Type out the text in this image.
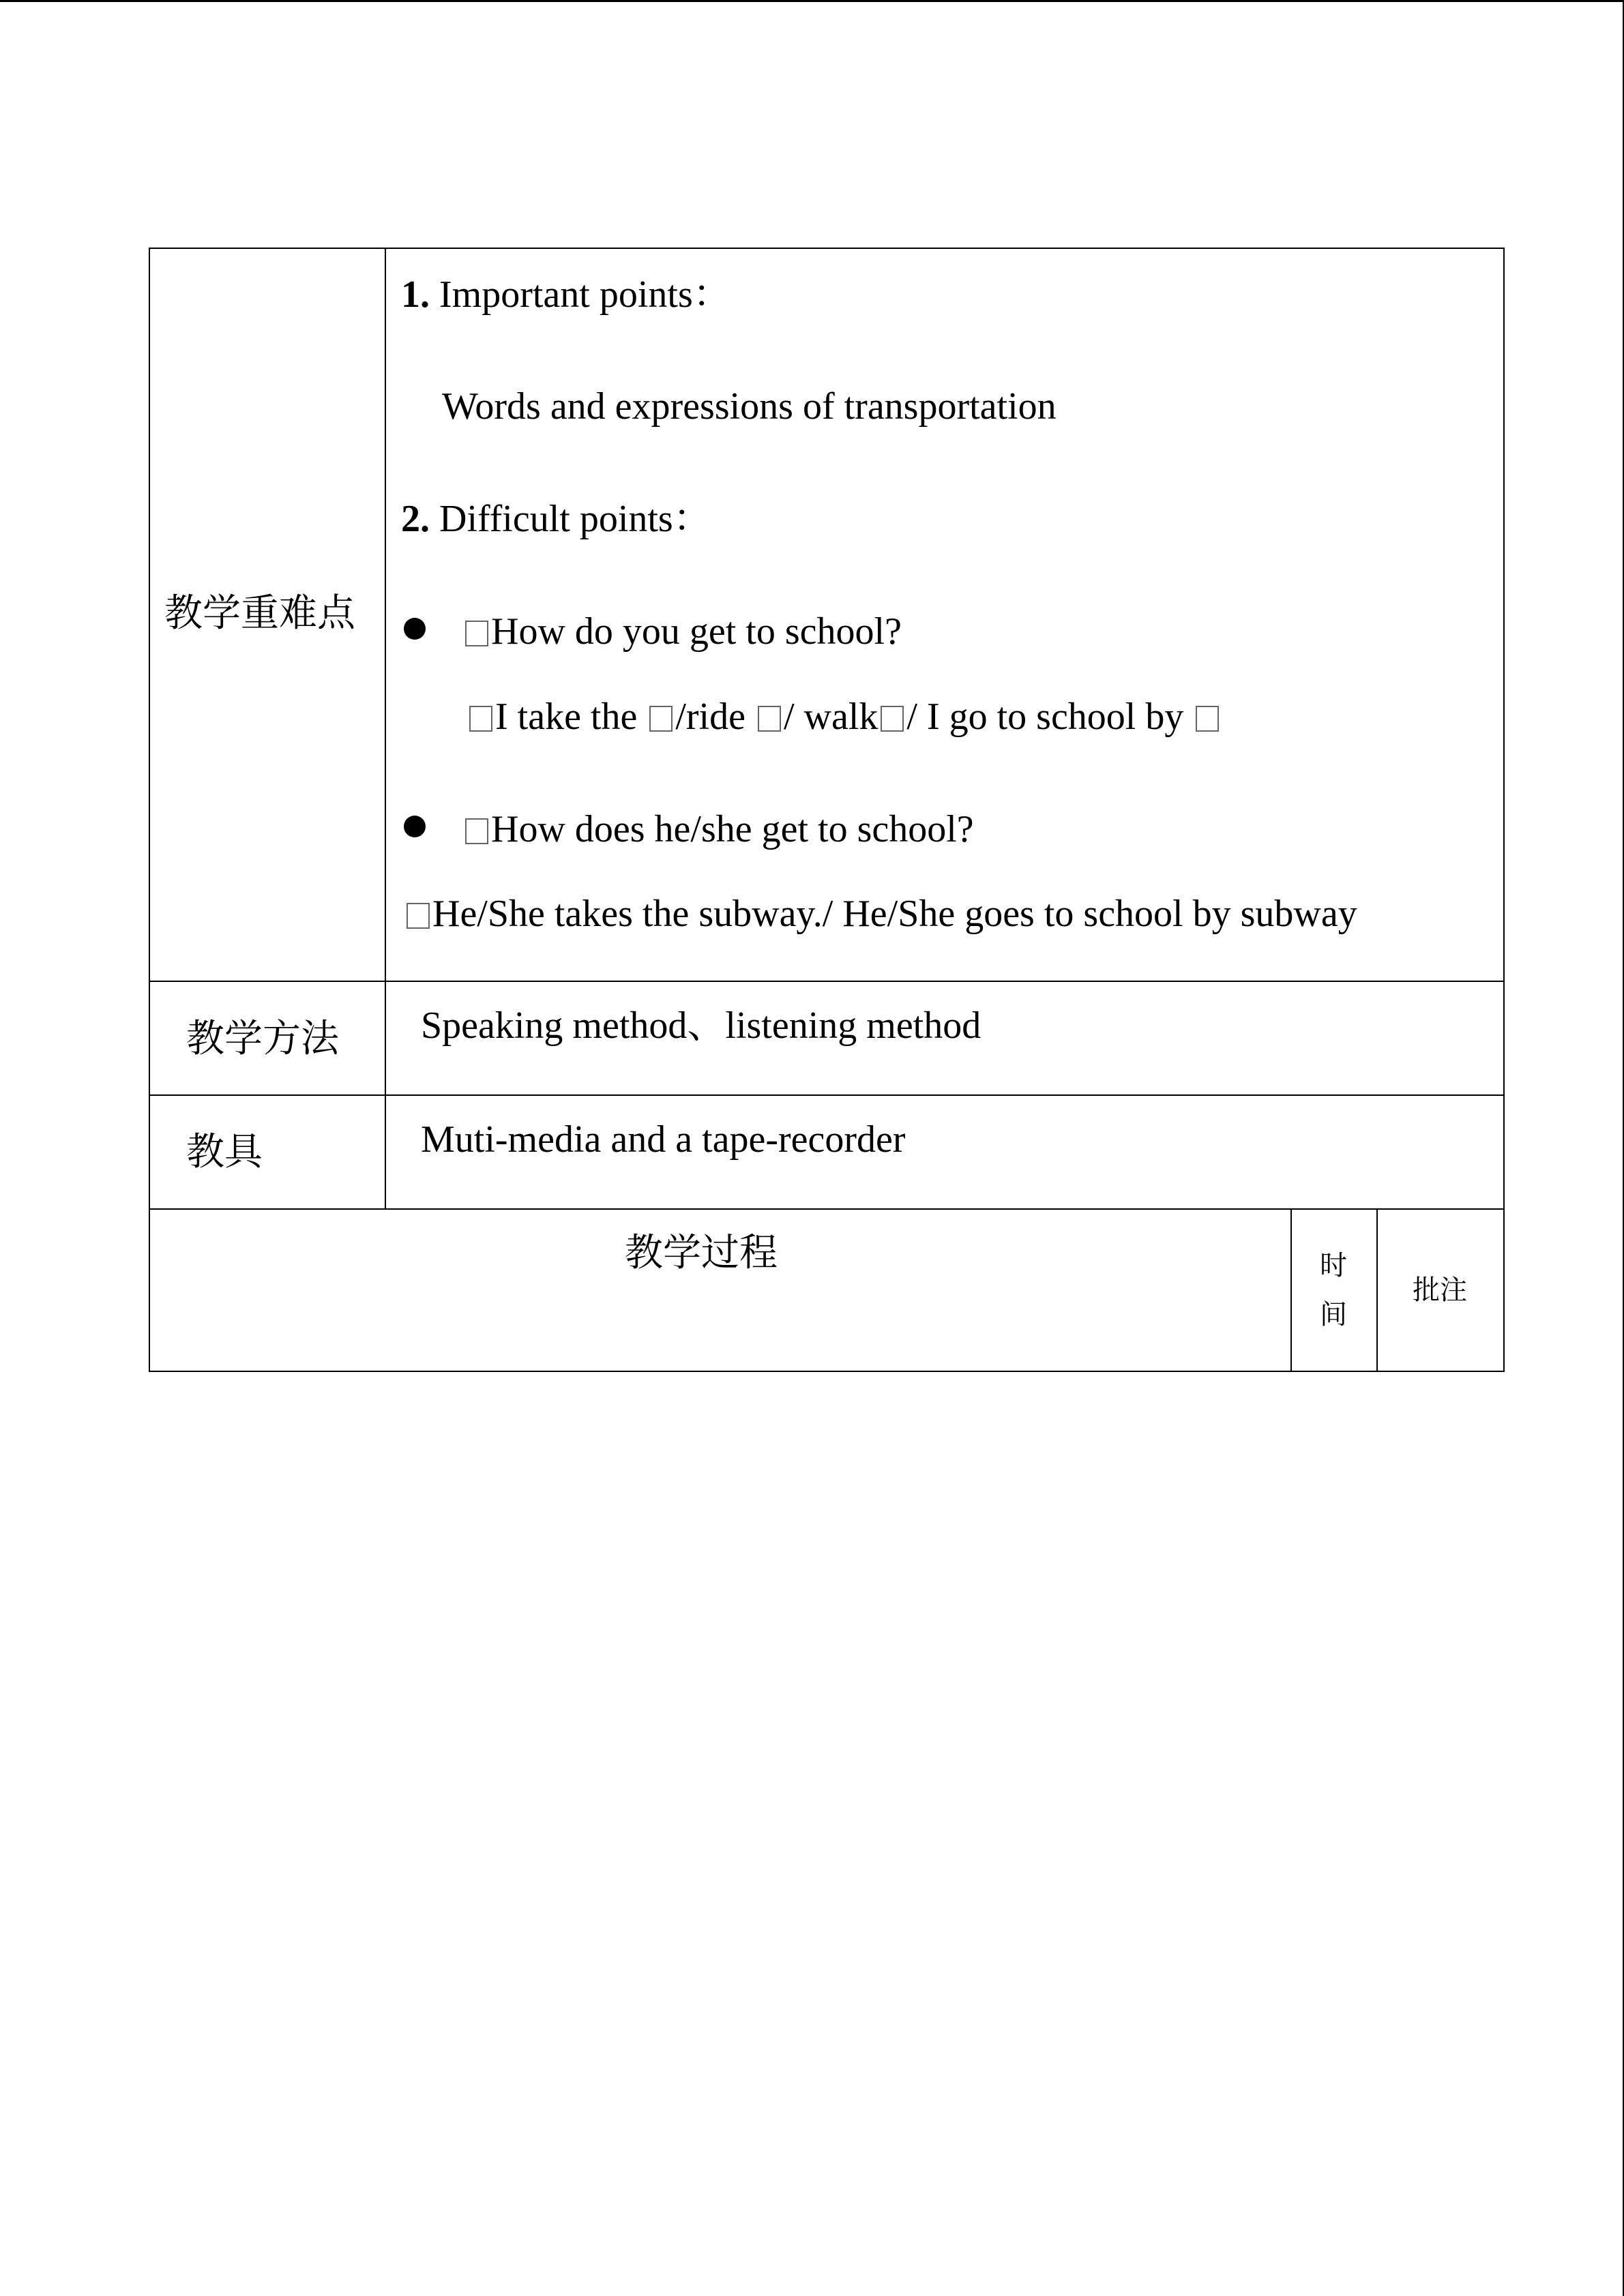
教学重难点
1. Important points：
Words and expressions of transportation
2. Difficult points：
How do you get to school?
I take the /ride / walk / I go to school by
How does he/she get to school?
He/She takes the subway./ He/She goes to school by subway
教学方法 Speaking method、listening method
教具	Muti-media and a tape-recorder
教学过程	时
间
批注
